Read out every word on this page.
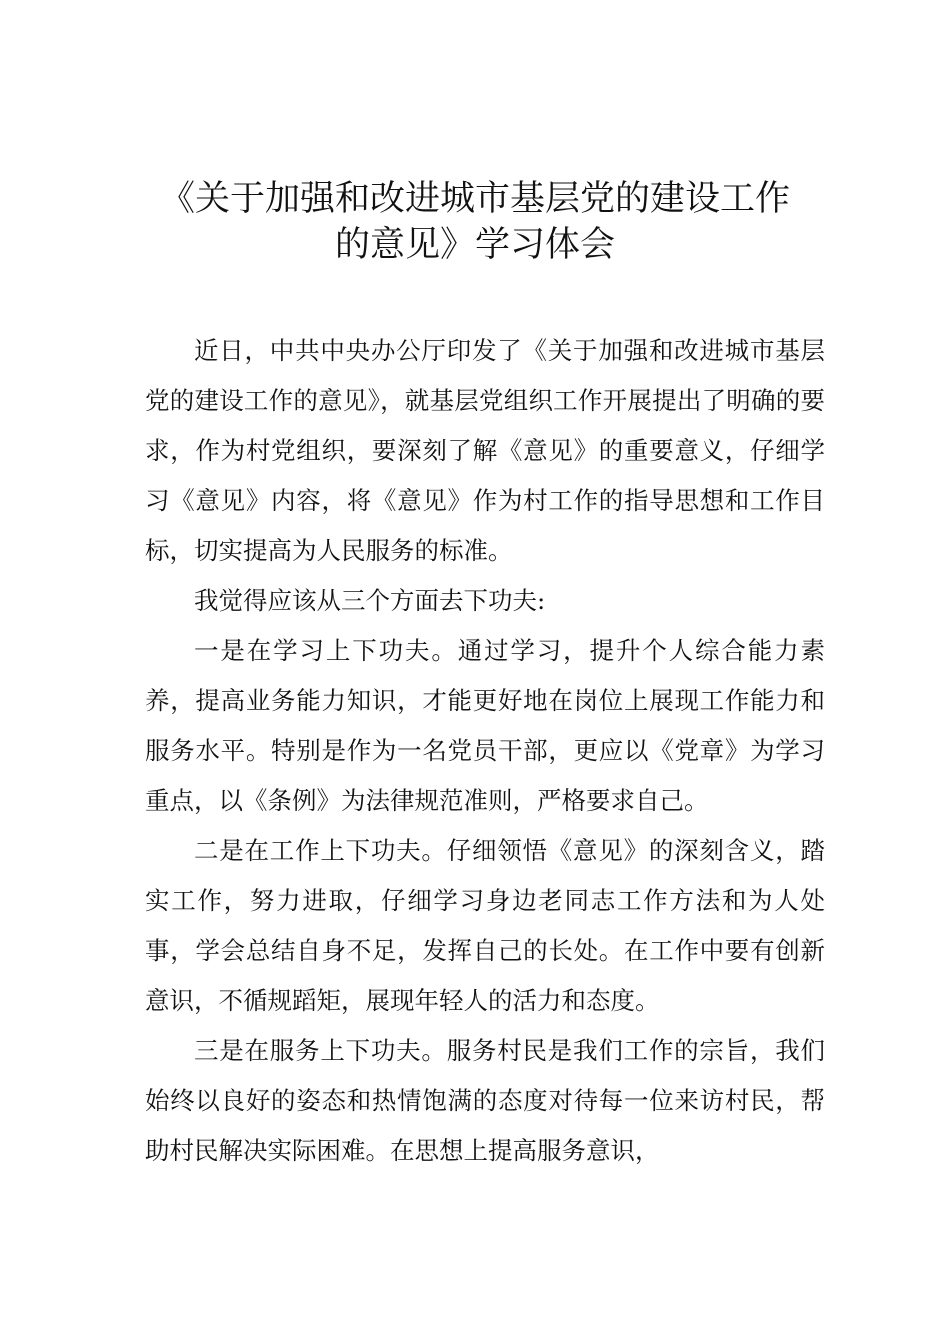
《关于加强和改进城市基层党的建设工作
的意见》学习体会

近日，中共中央办公厅印发了《关于加强和改进城市基层党的建设工作的意见》，就基层党组织工作开展提出了明确的要求，作为村党组织，要深刻了解《意见》的重要意义，仔细学习《意见》内容，将《意见》作为村工作的指导思想和工作目标，切实提高为人民服务的标准。

我觉得应该从三个方面去下功夫:

一是在学习上下功夫。通过学习，提升个人综合能力素养，提高业务能力知识，才能更好地在岗位上展现工作能力和服务水平。特别是作为一名党员干部，更应以《党章》为学习重点，以《条例》为法律规范准则，严格要求自己。

二是在工作上下功夫。仔细领悟《意见》的深刻含义，踏实工作，努力进取，仔细学习身边老同志工作方法和为人处事，学会总结自身不足，发挥自己的长处。在工作中要有创新意识，不循规蹈矩，展现年轻人的活力和态度。

三是在服务上下功夫。服务村民是我们工作的宗旨，我们始终以良好的姿态和热情饱满的态度对待每一位来访村民，帮助村民解决实际困难。在思想上提高服务意识，
